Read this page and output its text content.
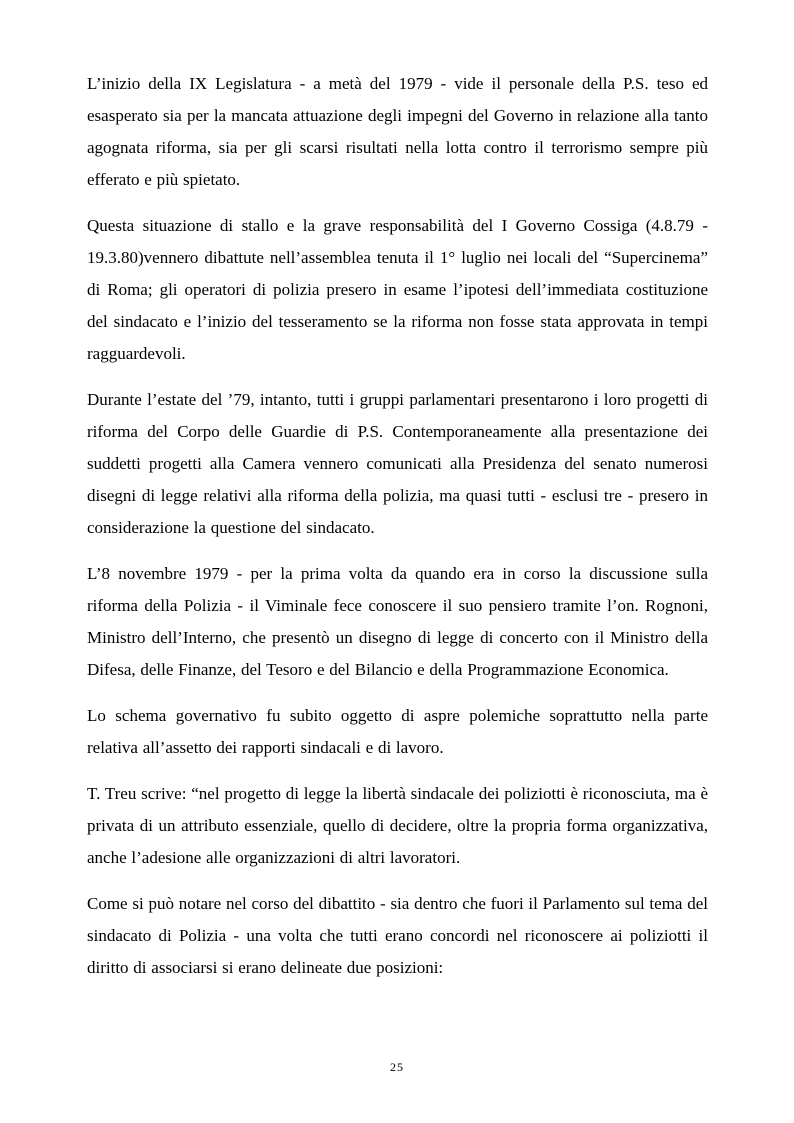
L’inizio della IX Legislatura - a metà del 1979 - vide il personale della P.S. teso ed esasperato sia per la mancata attuazione degli impegni del Governo in relazione alla tanto agognata riforma, sia per gli scarsi risultati nella lotta contro il terrorismo sempre più efferato e più spietato.

Questa situazione di stallo e la grave responsabilità del I Governo Cossiga (4.8.79 - 19.3.80)vennero dibattute nell’assemblea tenuta il 1° luglio nei locali del “Supercinema” di Roma; gli operatori di polizia presero in esame l’ipotesi dell’immediata costituzione del sindacato e l’inizio del tesseramento se la riforma non fosse stata approvata in tempi ragguardevoli.

Durante l’estate del ’79, intanto, tutti i gruppi parlamentari presentarono i loro progetti di riforma del Corpo delle Guardie di P.S. Contemporaneamente alla presentazione dei suddetti progetti alla Camera vennero comunicati alla Presidenza del senato numerosi disegni di legge relativi alla riforma della polizia, ma quasi tutti - esclusi tre - presero in considerazione la questione del sindacato.

L’8 novembre 1979 - per la prima volta da quando era in corso la discussione sulla riforma della Polizia - il Viminale fece conoscere il suo pensiero tramite l’on. Rognoni, Ministro dell’Interno, che presentò un disegno di legge di concerto con il Ministro della Difesa, delle Finanze, del Tesoro e del Bilancio e della Programmazione Economica.

Lo schema governativo fu subito oggetto di aspre polemiche soprattutto nella parte relativa all’assetto dei rapporti sindacali e di lavoro.

T. Treu scrive: “nel progetto di legge la libertà sindacale dei poliziotti è riconosciuta, ma è privata di un attributo essenziale, quello di decidere, oltre la propria forma organizzativa, anche l’adesione alle organizzazioni di altri lavoratori.

Come si può notare nel corso del dibattito - sia dentro che fuori il Parlamento sul tema del sindacato di Polizia - una volta che tutti erano concordi nel riconoscere ai poliziotti il diritto di associarsi si erano delineate due posizioni:

25
